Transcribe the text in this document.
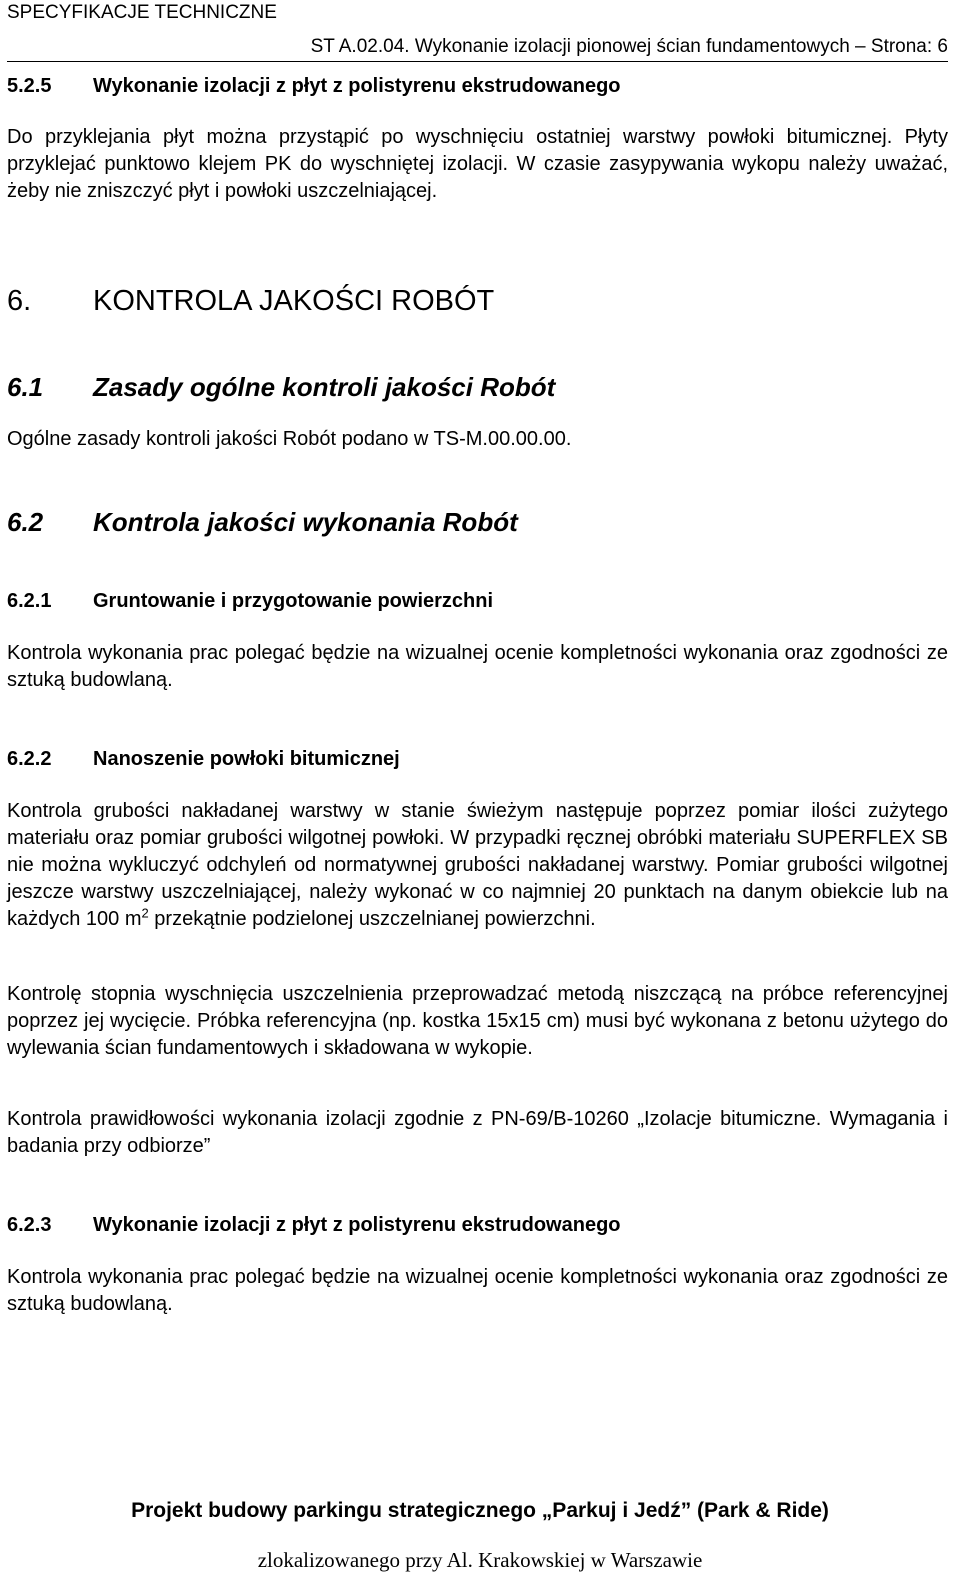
SPECYFIKACJE TECHNICZNE
ST A.02.04. Wykonanie izolacji pionowej ścian fundamentowych – Strona: 6
5.2.5 Wykonanie izolacji z płyt z polistyrenu ekstrudowanego
Do przyklejania płyt można przystąpić po wyschnięciu ostatniej warstwy powłoki bitumicznej. Płyty przyklejać punktowo klejem PK do wyschniętej izolacji. W czasie zasypywania wykopu należy uważać, żeby nie zniszczyć płyt i powłoki uszczelniającej.
6. KONTROLA JAKOŚCI ROBÓT
6.1 Zasady ogólne kontroli jakości Robót
Ogólne zasady kontroli jakości Robót podano w TS-M.00.00.00.
6.2 Kontrola jakości wykonania Robót
6.2.1 Gruntowanie i przygotowanie powierzchni
Kontrola wykonania prac polegać będzie na wizualnej ocenie kompletności wykonania oraz zgodności ze sztuką budowlaną.
6.2.2 Nanoszenie powłoki bitumicznej
Kontrola grubości nakładanej warstwy w stanie świeżym następuje poprzez pomiar ilości zużytego materiału oraz pomiar grubości wilgotnej powłoki. W przypadki ręcznej obróbki materiału SUPERFLEX SB nie można wykluczyć odchyleń od normatywnej grubości nakładanej warstwy. Pomiar grubości wilgotnej jeszcze warstwy uszczelniającej, należy wykonać w co najmniej 20 punktach na danym obiekcie lub na każdych 100 $m^2$ przekątnie podzielonej uszczelnianej powierzchni.
Kontrolę stopnia wyschnięcia uszczelnienia przeprowadzać metodą niszczącą na próbce referencyjnej poprzez jej wycięcie. Próbka referencyjna (np. kostka 15x15 cm) musi być wykonana z betonu użytego do wylewania ścian fundamentowych i składowana w wykopie.
Kontrola prawidłowości wykonania izolacji zgodnie z PN-69/B-10260 „Izolacje bitumiczne. Wymagania i badania przy odbiorze”
6.2.3 Wykonanie izolacji z płyt z polistyrenu ekstrudowanego
Kontrola wykonania prac polegać będzie na wizualnej ocenie kompletności wykonania oraz zgodności ze sztuką budowlaną.
Projekt budowy parkingu strategicznego „Parkuj i Jedź” (Park & Ride)
zlokalizowanego przy Al. Krakowskiej w Warszawie
